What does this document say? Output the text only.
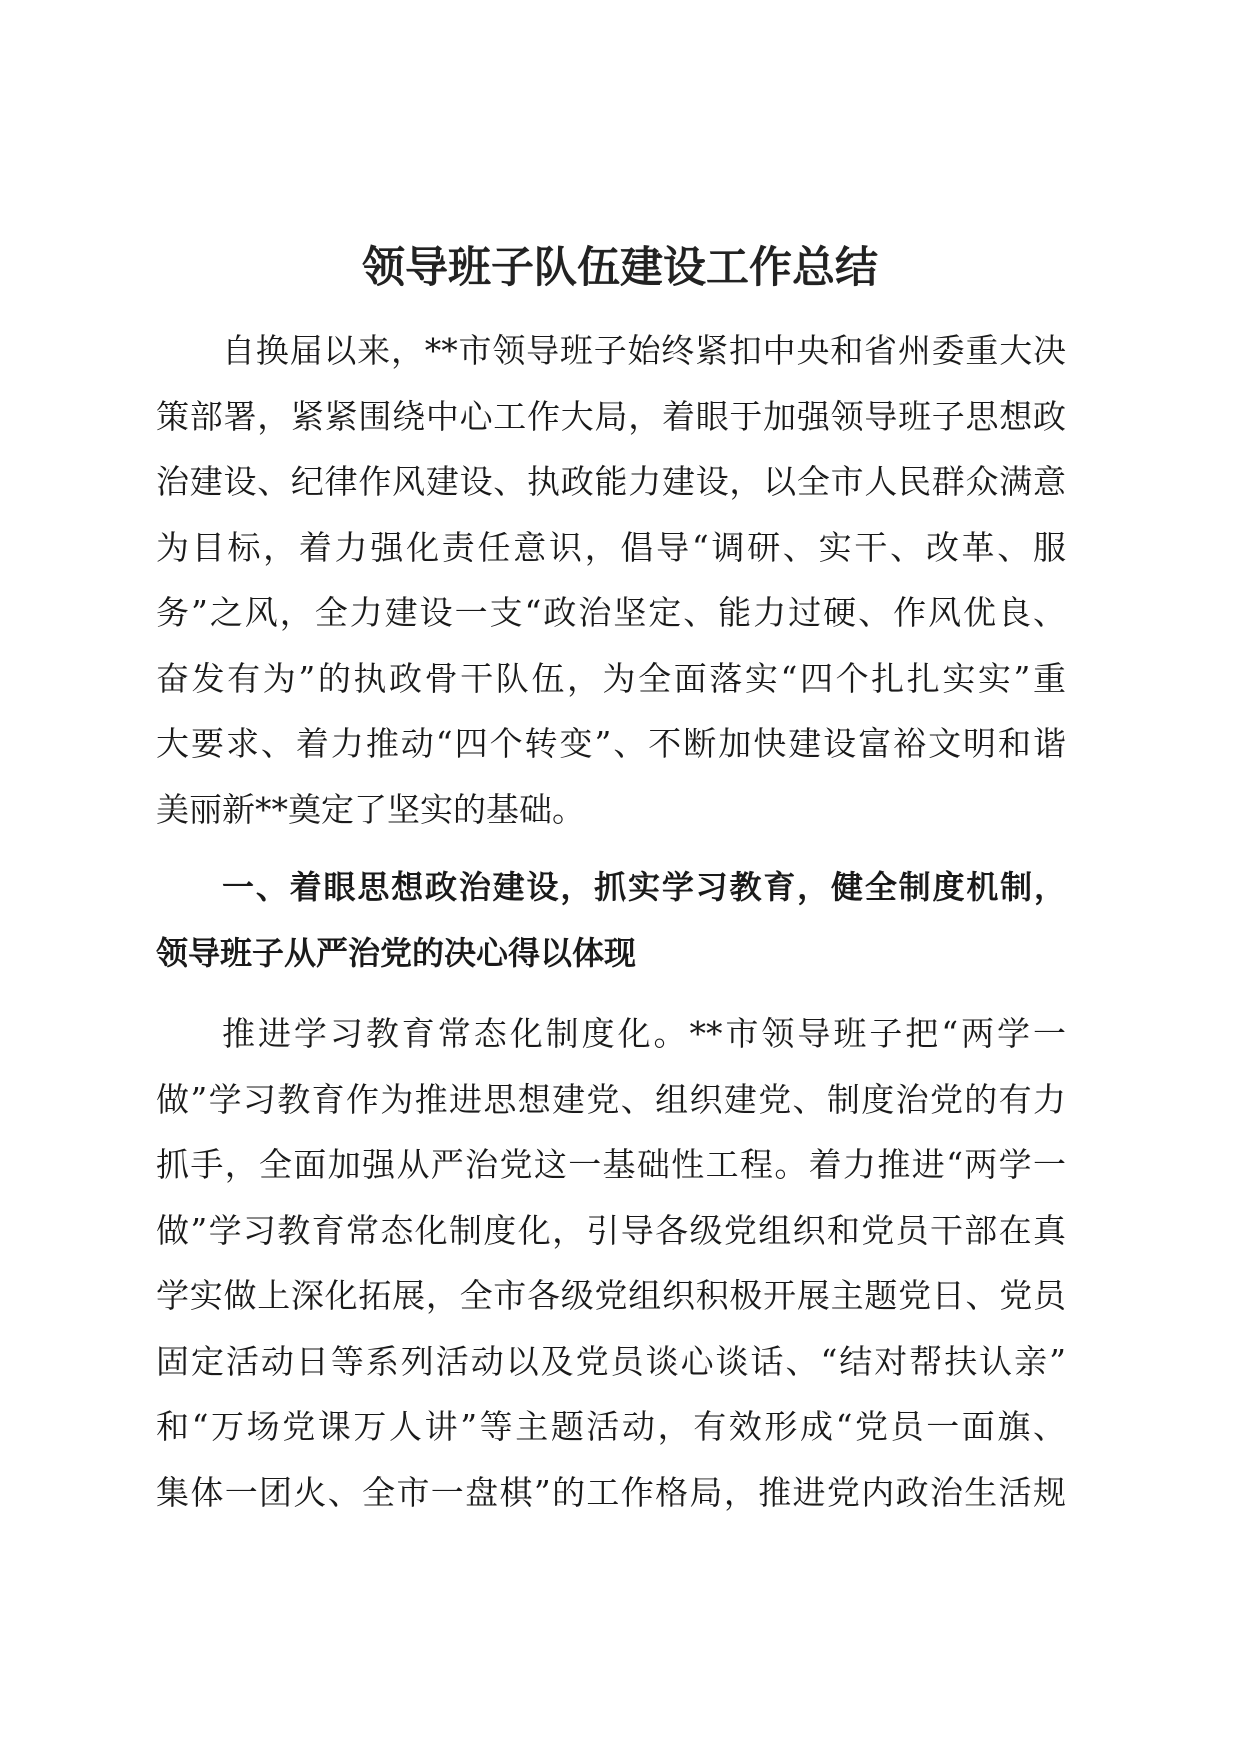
领导班子队伍建设工作总结
自换届以来，**市领导班子始终紧扣中央和省州委重大决
策部署，紧紧围绕中心工作大局，着眼于加强领导班子思想政
治建设、纪律作风建设、执政能力建设，以全市人民群众满意
为目标，着力强化责任意识，倡导“调研、实干、改革、服
务”之风，全力建设一支“政治坚定、能力过硬、作风优良、
奋发有为”的执政骨干队伍，为全面落实“四个扎扎实实”重
大要求、着力推动“四个转变”、不断加快建设富裕文明和谐
美丽新**奠定了坚实的基础。
一、着眼思想政治建设，抓实学习教育，健全制度机制，
领导班子从严治党的决心得以体现
推进学习教育常态化制度化。**市领导班子把“两学一
做”学习教育作为推进思想建党、组织建党、制度治党的有力
抓手，全面加强从严治党这一基础性工程。着力推进“两学一
做”学习教育常态化制度化，引导各级党组织和党员干部在真
学实做上深化拓展，全市各级党组织积极开展主题党日、党员
固定活动日等系列活动以及党员谈心谈话、“结对帮扶认亲”
和“万场党课万人讲”等主题活动，有效形成“党员一面旗、
集体一团火、全市一盘棋”的工作格局，推进党内政治生活规
